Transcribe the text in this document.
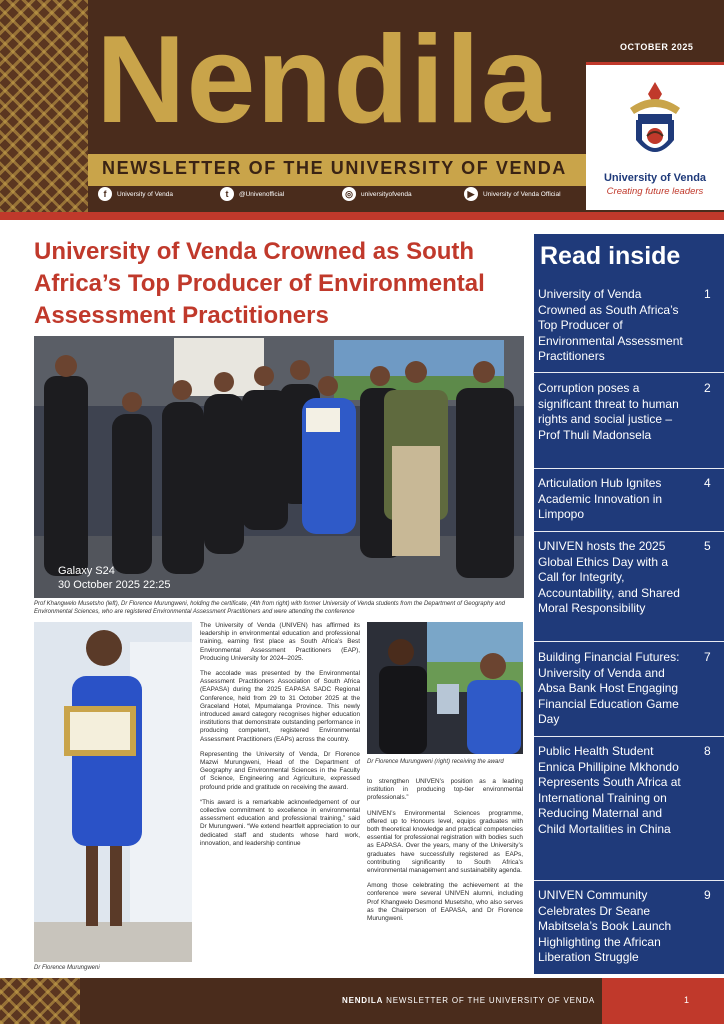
Nendila
NEWSLETTER OF THE UNIVERSITY OF VENDA
f	University of Venda	t	@Univenofficial	◎	universityofvenda	▶	University of Venda Official
OCTOBER 2025
University of Venda
Creating future leaders
University of Venda Crowned as South Africa’s Top Producer of Environmental Assessment Practitioners
Galaxy S24
30 October 2025 22:25
Prof Khangwelo Musetsho (left), Dr Florence Murungweni, holding the certificate, (4th from right) with former University of Venda students from the Department of Geography and Environmental Sciences, who are registered Environmental Assessment Practitioners and were attending the conference
Dr Florence Murungweni
Dr Florence Murungweni (right) receiving the award

The University of Venda (UNIVEN) has affirmed its leadership in environmental education and professional training, earning first place as South Africa’s Best Environmental Assessment Practitioners (EAP), Producing University for 2024–2025.

The accolade was presented by the Environmental Assessment Practitioners Association of South Africa (EAPASA) during the 2025 EAPASA SADC Regional Conference, held from 29 to 31 October 2025 at the Graceland Hotel, Mpumalanga Province. This newly introduced award category recognises higher education institutions that demonstrate outstanding performance in producing competent, registered Environmental Assessment Practitioners (EAPs) across the country.

Representing the University of Venda, Dr Florence Mazwi Murungweni, Head of the Department of Geography and Environmental Sciences in the Faculty of Science, Engineering and Agriculture, expressed profound pride and gratitude on receiving the award.

“This award is a remarkable acknowledgement of our collective commitment to excellence in environmental assessment education and professional training,” said Dr Murungweni. “We extend heartfelt appreciation to our dedicated staff and students whose hard work, innovation, and leadership continue

to strengthen UNIVEN’s position as a leading institution in producing top-tier environmental professionals.”

UNIVEN’s Environmental Sciences programme, offered up to Honours level, equips graduates with both theoretical knowledge and practical competencies essential for professional registration with bodies such as EAPASA. Over the years, many of the University’s graduates have successfully registered as EAPs, contributing significantly to South Africa’s environmental management and sustainability agenda.

Among those celebrating the achievement at the conference were several UNIVEN alumni, including Prof Khangwelo Desmond Musetsho, who also serves as the Chairperson of EAPASA, and Dr Florence Murungweni.

Read inside
University of Venda Crowned as South Africa’s Top Producer of Environmental Assessment Practitioners
1
Corruption poses a significant threat to human rights and social justice – Prof Thuli Madonsela
2
Articulation Hub Ignites Academic Innovation in Limpopo
4
UNIVEN hosts the 2025 Global Ethics Day with a Call for Integrity, Accountability, and Shared Moral Responsibility
5
Building Financial Futures: University of Venda and Absa Bank Host Engaging Financial Education Game Day
7
Public Health Student Ennica Phillipine Mkhondo Represents South Africa at International Training on Reducing Maternal and Child Mortalities in China
8
UNIVEN Community Celebrates Dr Seane Mabitsela’s Book Launch Highlighting the African Liberation Struggle
9
NENDILA NEWSLETTER OF THE UNIVERSITY OF VENDA	1
